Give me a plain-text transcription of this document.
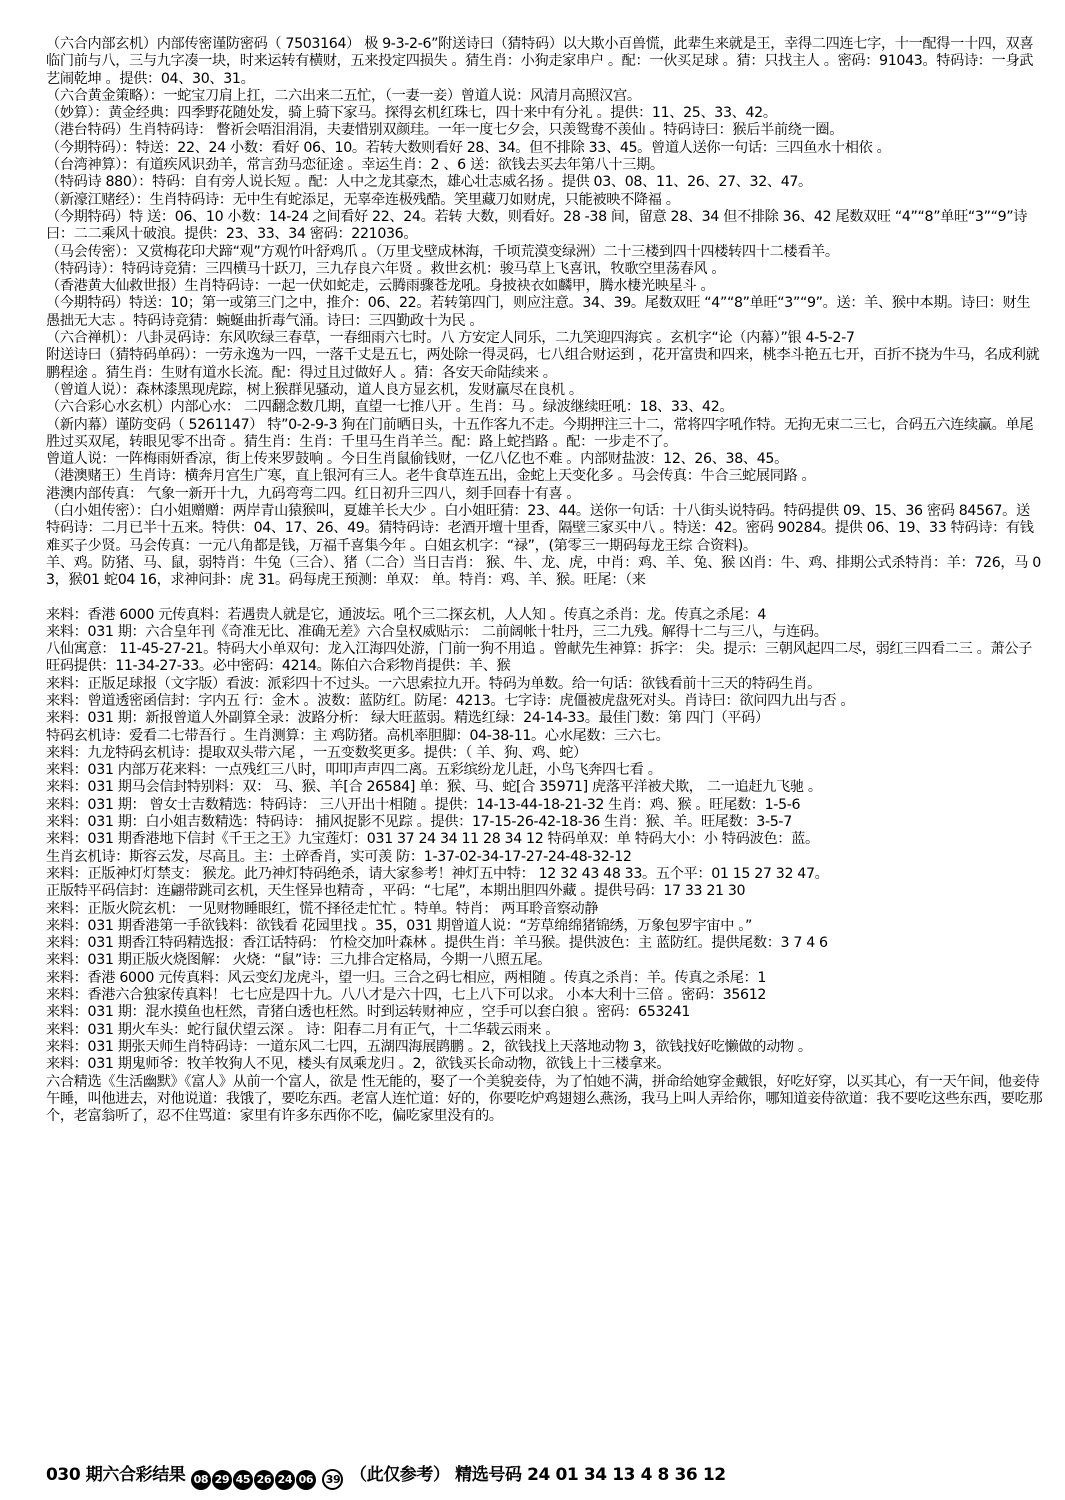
（六合内部玄机）内部传密谨防密码（ 7503164） 极 9-3-2-6”附送诗曰（猜特码）以大欺小百兽慌，此辈生来就是王，幸得二四连七字，十一配得一十四，双喜临门前与八，三与九字凑一块，时来运转有横财，五来投定四损失 。猜生肖：小狗走家串户 。配：一伙买足球 。猜：只找主人 。密码：91043。特码诗：一身武艺闹乾坤 。提供：04、30、31。

（六合黄金策略）：一蛇宝刀肩上扛，二六出来二五忙，（一妻一妾）曾道人说：风清月高照汉宫。

（妙算）：黄金经典：四季野花随处发，骑上骑下家马。探得玄机红珠七，四十来中有分礼 。提供：11、25、33、42。

（港台特码）生肖特码诗： 瞥祈会唔泪涓涓，夫妻惜别双颜珪。一年一度七夕会，只羡鸳鸯不羡仙 。特码诗曰：猴后半前绕一圈。

（今期特码）：特送：22、24 小数：看好 06、10。若转大数则看好 28、34。但不排除 33、45。曾道人送你一句话：三四鱼水十相依 。

（台湾神算）：有道疾风识劲羊，常言劲马恋征途 。幸运生肖：2 、6 送：欲钱去买去年第八十三期。

（特码诗 880）：特码：自有旁人说长短 。配：人中之龙其豪杰，雄心壮志威名扬 。提供 03、08、11、26、27、32、47。

（新濠江赌经）：生肖特码诗：无中生有蛇添足，无辜牵连极残酷。笑里藏刀如财虎，只能被映不降福 。

（今期特码）特 送：06、10 小数：14-24 之间看好 22、24。若转 大数，则看好。28 -38 间，留意 28、34 但不排除 36、42 尾数双旺 “4”“8”单旺“3”“9”诗曰：二二乘风十破浪。提供：23、33、34 密码：221036。

（马会传密）：又赏梅花印犬蹄“观”方观竹叶舒鸡爪 。（万里戈壁成林海，千顷荒漠变绿洲）二十三楼到四十四楼转四十二楼看羊。

（特码诗）：特码诗竞猜：三四横马十跃刀，三九存良六年贤 。救世玄机：骏马草上飞喜讯，牧歌空里荡春风 。

（香港黄大仙救世报）生肖特码诗：一起一伏如蛇走，云腾雨骤苍龙吼。身披袂衣如麟甲，腾水棲光映星斗 。

（今期特码）特送：10；第一或第三门之中，推介：06、22。若转第四门，则应注意。34、39。尾数双旺 “4”“8”单旺“3”“9”。送：羊、猴中本期。诗曰：财生愚拙无大志 。特码诗竞猜：蜿蜒曲折毒气涌。诗曰：三四勤政十为民 。

（六合禅机）：八卦灵码诗：东风吹绿三春草，一春细雨六七时。八 方安定人同乐，二九笑迎四海宾 。玄机字“论（内幕）”银 4-5-2-7

附送诗曰（猜特码单码）：一劳永逸为一四，一落千丈是五七，两处除一得灵码，七八组合财运到 ，花开富贵和四来，桃李斗艳五七开，百折不挠为牛马，名成利就鹏程途 。猜生肖：生财有道水长流。配：得过且过做好人 。猜：各安天命陆续来 。

（曾道人说）：森林漆黑现虎踪，树上猴群见骚动，道人良方显玄机，发财赢尽在良机 。

（六合彩心水玄机）内部心水： 二四翻念数几期，直望一七推八开 。生肖：马 。绿波继续旺吼：18、33、42。

（新内幕）谨防变码（ 5261147） 特”0-2-9-3 狗在门前晒日头，十五作客九不走。今期押注三十二，常将四字吼作特。无拘无束二三七，合码五六连续赢。单尾胜过买双尾，转眼见零不出奇 。猜生肖：生肖：千里马生肖羊兰。配：路上蛇挡路 。配：一步走不了。

曾道人说：一阵梅雨妍香凉，街上传来罗鼓响 。今日生肖鼠偷钱财，一亿八亿也不难 。内部财盐波：12、26、38、45。

（港澳赌王）生肖诗：横奔月宫生广寒，直上银河有三人。老牛食草连五出，金蛇上天变化多 。马会传真：牛合三蛇展同路 。

港澳内部传真： 气象一新开十九，九码弯弯二四。红日初升三四八，刻手回春十有喜 。

（白小姐传密）：白小姐赠赠：两岸青山猿猴叫，夏雄羊长大少 。白小姐旺猜：23、44。送你一句话：十八街头说特码。特码提供 09、15、36 密码 84567。送特码诗：二月已半十五来。特供：04、17、26、49。猜特码诗：老酒开壇十里香，隔壁三家买中八 。特送：42。密码 90284。提供 06、19、33 特码诗：有钱难买子少贤。马会传真：一元八角都是钱，万福千喜集今年 。白姐玄机字：“禄”，(第零三一期码每龙王综 合资料)。

羊、鸡。防猪、马、鼠，弱特肖：牛兔（三合）、猪（二合）当日吉肖： 猴、牛、龙、虎，中肖：鸡、羊、兔、猴 凶肖：牛、鸡、排期公式杀特肖：羊：726，马 03，猴01 蛇04 16，求神问卦：虎 31。码每虎王预测：单双： 单。特肖：鸡、羊、猴。旺尾：（来

来料：香港 6000 元传真料：若遇贵人就是它，通波坛。吼个三二探玄机，人人知 。传真之杀肖：龙。传真之杀尾：4

来料：031 期：六合皇年刊《奇准无比、准确无差》六合皇权威贴示： 二前阔帐十牡丹，三二九残。解得十二与三八，与连码。

八仙寓意： 11-45-27-21。特码大小单双句：龙入江海四处游，门前一狗不用追 。曾献先生神算：拆字： 尖。提示：三朝风起四二尽，弱红三四看二三 。萧公子旺码提供：11-34-27-33。必中密码：4214。陈伯六合彩物肖提供：羊、猴

来料：正版足球报（文字版）看波：派彩四十不过头。一六思索拉九开。特码为单数。给一句话：欲钱看前十三天的特码生肖。

来料：曾道透密函信封：字内五 行：金木 。波数：蓝防红。防尾：4213。七字诗：虎僵被虎盘死对头。肖诗曰：欲问四九出与否 。

来料：031 期：新报曾道人外副算全录：波路分析： 绿大旺蓝弱。精选红绿：24-14-33。最佳门数：第 四门（平码）

特码玄机诗：爱看二七带吾行 。生肖测算：主 鸡防猪。高机率胆脚：04-38-11。心水尾数：三六七。

来料：九龙特码玄机诗：提取双头带六尾 ，一五变数奖更多。提供：（ 羊、狗、鸡、蛇）

来料：031 内部万花来料：一点残红三八时，叩叩声声四二离。五彩缤纷龙儿赶，小鸟飞奔四七看 。

来料：031 期马会信封特别料：双： 马、猴、羊[合 26584] 单：猴、马、蛇[合 35971] 虎落平洋被犬欺， 二一追赶九飞驰 。

来料：031 期： 曾女士吉数精选：特码诗： 三八开出十相随 。提供：14-13-44-18-21-32 生肖：鸡、猴 。旺尾数：1-5-6

来料：031 期：白小姐吉数精选：特码诗： 捕风捉影不见踪 。提供：17-15-26-42-18-36 生肖：猴、羊。旺尾数：3-5-7

来料：031 期香港地下信封《千王之王》九宝莲灯：031 37 24 34 11 28 34 12 特码单双：单 特码大小：小 特码波色：蓝。

生肖玄机诗：斯容云发，尽高且。主：土碎香肖，实可羡 防：1-37-02-34-17-27-24-48-32-12

来料：正版神灯灯禁支： 猴龙。此乃神灯特码绝杀，请大家参考！神灯五中特： 12 32 43 48 33。五个平：01 15 27 32 47。

正版特平码信封：连翩带跳司玄机，天生怪异也精奇 ，平码：“七尾”，本期出胆四外藏 。提供号码：17 33 21 30

来料：正版火院玄机： 一见财物睡眼红，慌不择径走忙忙 。特单。特肖： 两耳聆音察动静

来料：031 期香港第一手欲钱料：欲钱看 花园里找 。35，031 期曾道人说：“芳草绵绵猪锦绣，万象包罗宇宙中 。”

来料：031 期香江特码精选报：香江话特码： 竹检交加叶森林 。提供生肖：羊马猴。提供波色：主 蓝防红。提供尾数：3 7 4 6

来料：031 期正版火烧图解： 火烧：“鼠”诗：三九排合定格局，今期一八照五尾。

来料：香港 6000 元传真料：风云变幻龙虎斗，望一归。三合之码七相应，两相随 。传真之杀肖：羊。传真之杀尾：1

来料：香港六合独家传真料！ 七七应是四十九。八八才是六十四，七上八下可以求。 小本大利十三倍 。密码：35612

来料：031 期：混水摸鱼也枉然，青猪白透也枉然。时到运转财神应 ，空手可以套白狼 。密码：653241

来料：031 期火车头：蛇行鼠伏望云深 。 诗：阳春二月有正气，十二华载云雨来 。

来料：031 期张天师生肖特码诗：一道东风二七四，五湖四海展鹍鹏 。2，欲钱找上天落地动物 3，欲钱找好吃懒做的动物 。

来料：031 期鬼师爷：牧羊牧狗人不见，楼头有凤乘龙归 。2，欲钱买长命动物，欲钱上十三楼拿来。

六合精选《生活幽默》《富人》从前一个富人，欲是 性无能的，娶了一个美貌妾侍，为了怕她不满，拼命给她穿金戴银，好吃好穿，以买其心，有一天午间，他妾侍午睡，叫他进去，对他说道：我饿了，要吃东西。老富人连忙道：好的，你要吃炉鸡翅翅么燕汤，我马上叫人弄给你，哪知道妾侍欲道：我不要吃这些东西，要吃那个，老富翁听了，忍不住骂道：家里有许多东西你不吃，偏吃家里没有的。

030 期六合彩结果 08 29 45 26 24 06 39 （此仅参考） 精选号码 24 01 34 13 4 8 36 12
